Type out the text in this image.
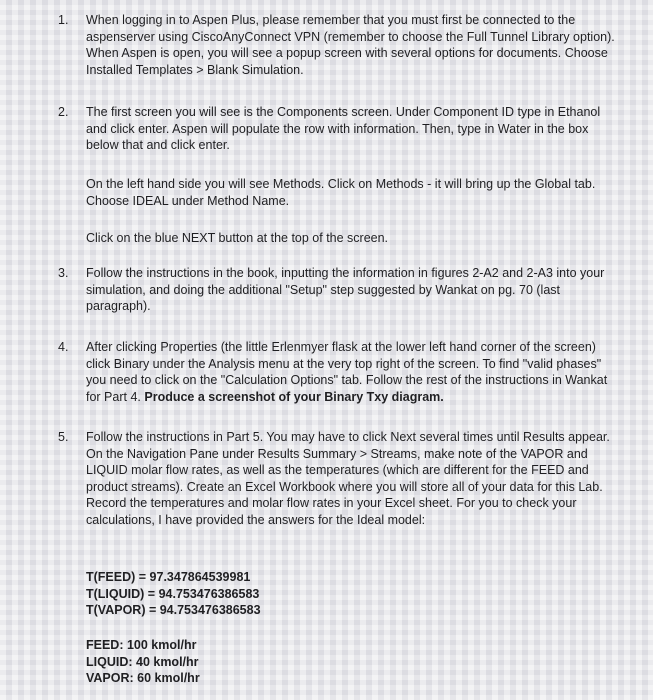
1. When logging in to Aspen Plus, please remember that you must first be connected to the aspenserver using CiscoAnyConnect VPN (remember to choose the Full Tunnel Library option). When Aspen is open, you will see a popup screen with several options for documents. Choose Installed Templates > Blank Simulation.

2. The first screen you will see is the Components screen. Under Component ID type in Ethanol and click enter. Aspen will populate the row with information. Then, type in Water in the box below that and click enter.

On the left hand side you will see Methods. Click on Methods - it will bring up the Global tab. Choose IDEAL under Method Name.

Click on the blue NEXT button at the top of the screen.

3. Follow the instructions in the book, inputting the information in figures 2-A2 and 2-A3 into your simulation, and doing the additional "Setup" step suggested by Wankat on pg. 70 (last paragraph).

4. After clicking Properties (the little Erlenmyer flask at the lower left hand corner of the screen) click Binary under the Analysis menu at the very top right of the screen. To find "valid phases" you need to click on the "Calculation Options" tab. Follow the rest of the instructions in Wankat for Part 4. Produce a screenshot of your Binary Txy diagram.

5. Follow the instructions in Part 5. You may have to click Next several times until Results appear. On the Navigation Pane under Results Summary > Streams, make note of the VAPOR and LIQUID molar flow rates, as well as the temperatures (which are different for the FEED and product streams). Create an Excel Workbook where you will store all of your data for this Lab. Record the temperatures and molar flow rates in your Excel sheet. For you to check your calculations, I have provided the answers for the Ideal model:

T(FEED) = 97.347864539981
T(LIQUID) = 94.753476386583
T(VAPOR) = 94.753476386583
FEED: 100 kmol/hr
LIQUID: 40 kmol/hr
VAPOR: 60 kmol/hr
